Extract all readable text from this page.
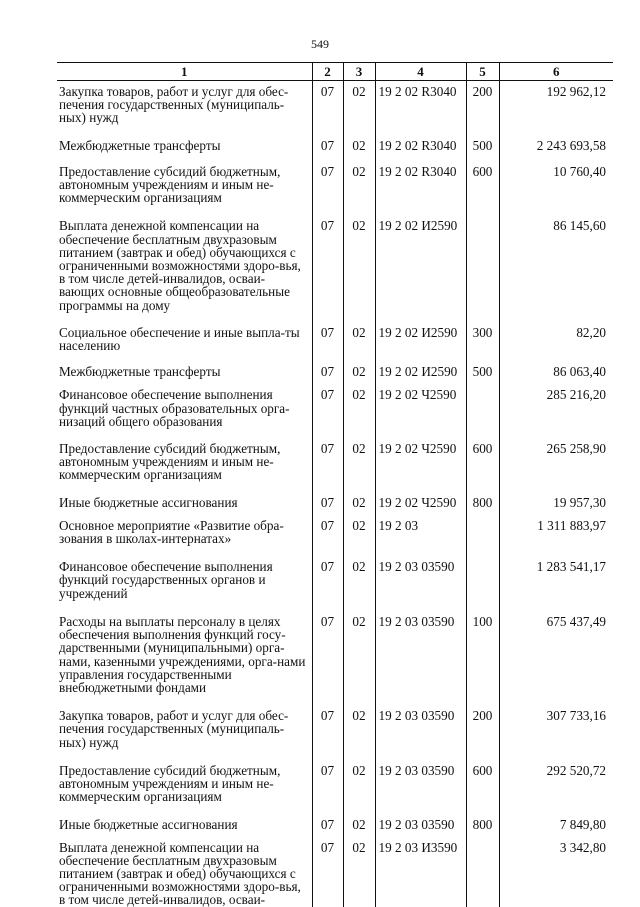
549
1	2	3	4	5	6
Закупка товаров, работ и услуг для обес-печения государственных (муниципаль-ных) нужд	07	02	19 2 02 R3040	200	192 962,12
Межбюджетные трансферты	07	02	19 2 02 R3040	500	2 243 693,58
Предоставление субсидий бюджетным, автономным учреждениям и иным не-коммерческим организациям	07	02	19 2 02 R3040	600	10 760,40
Выплата денежной компенсации на обеспечение бесплатным двухразовым питанием (завтрак и обед) обучающихся с ограниченными возможностями здоро-вья, в том числе детей-инвалидов, осваи-вающих основные общеобразовательные программы на дому	07	02	19 2 02 И2590		86 145,60
Социальное обеспечение и иные выпла-ты населению	07	02	19 2 02 И2590	300	82,20
Межбюджетные трансферты	07	02	19 2 02 И2590	500	86 063,40
Финансовое обеспечение выполнения функций частных образовательных орга-низаций общего образования	07	02	19 2 02 Ч2590		285 216,20
Предоставление субсидий бюджетным, автономным учреждениям и иным не-коммерческим организациям	07	02	19 2 02 Ч2590	600	265 258,90
Иные бюджетные ассигнования	07	02	19 2 02 Ч2590	800	19 957,30
Основное мероприятие «Развитие обра-зования в школах-интернатах»	07	02	19 2 03		1 311 883,97
Финансовое обеспечение выполнения функций государственных органов и учреждений	07	02	19 2 03 03590		1 283 541,17
Расходы на выплаты персоналу в целях обеспечения выполнения функций госу-дарственными (муниципальными) орга-нами, казенными учреждениями, орга-нами управления государственными внебюджетными фондами	07	02	19 2 03 03590	100	675 437,49
Закупка товаров, работ и услуг для обес-печения государственных (муниципаль-ных) нужд	07	02	19 2 03 03590	200	307 733,16
Предоставление субсидий бюджетным, автономным учреждениям и иным не-коммерческим организациям	07	02	19 2 03 03590	600	292 520,72
Иные бюджетные ассигнования	07	02	19 2 03 03590	800	7 849,80
Выплата денежной компенсации на обеспечение бесплатным двухразовым питанием (завтрак и обед) обучающихся с ограниченными возможностями здоро-вья, в том числе детей-инвалидов, осваи-	07	02	19 2 03 И3590		3 342,80
